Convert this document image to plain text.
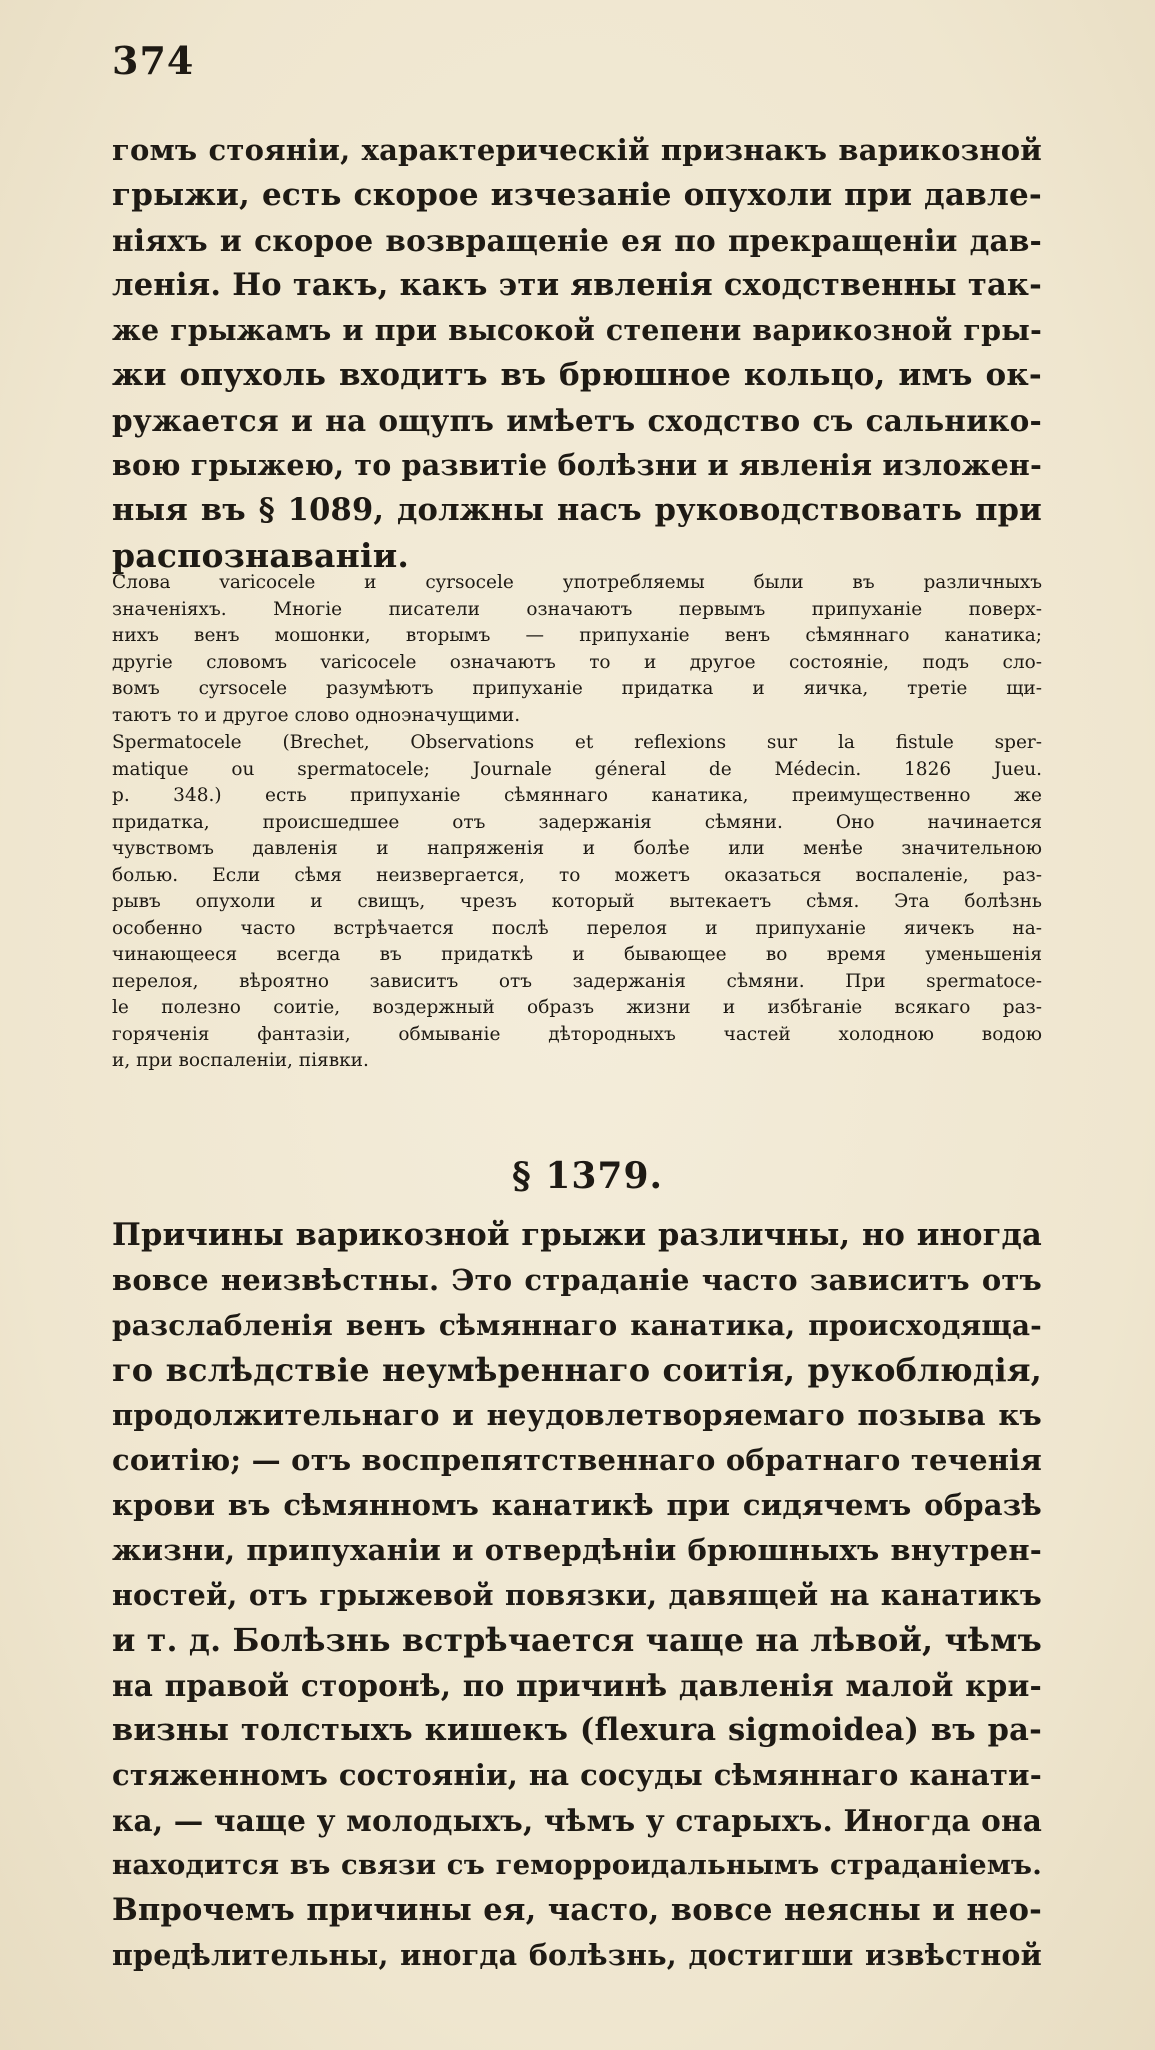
374
гомъ стоянiи, характерическiй признакъ варикозной
грыжи, есть скорое изчезанiе опухоли при давле-
нiяхъ и скорое возвращенiе ея по прекращенiи дав-
ленiя. Но такъ, какъ эти явленiя сходственны так-
же грыжамъ и при высокой степени варикозной гры-
жи опухоль входитъ въ брюшное кольцо, имъ ок-
ружается и на ощупъ имѣетъ сходство съ сальнико-
вою грыжею, то развитiе болѣзни и явленiя изложен-
ныя въ § 1089, должны насъ руководствовать при
распознаванiи.
Слова varicocele и cyrsocele употребляемы были въ различныхъ
значенiяхъ. Многiе писатели означаютъ первымъ припуханiе поверх-
нихъ венъ мошонки, вторымъ — припуханiе венъ сѣмяннаго канатика;
другiе словомъ varicocele означаютъ то и другое состоянiе, подъ сло-
вомъ cyrsocele разумѣютъ припуханiе придатка и яичка, третiе щи-
таютъ то и другое слово одноэначущими.
Spermatocele (Brechet, Observations et reflexions sur la fistule sper-
matique ou spermatocele; Journale géneral de Médecin. 1826 Jueu.
p. 348.) есть припуханiе сѣмяннаго канатика, преимущественно же
придатка, происшедшее отъ задержанiя сѣмяни. Оно начинается
чувствомъ давленiя и напряженiя и болѣе или менѣе значительною
болью. Если сѣмя неизвергается, то можетъ оказаться воспаленiе, раз-
рывъ опухоли и свищъ, чрезъ который вытекаетъ сѣмя. Эта болѣзнь
особенно часто встрѣчается послѣ перелоя и припуханiе яичекъ на-
чинающееся всегда въ придаткѣ и бывающее во время уменьшенiя
перелоя, вѣроятно зависитъ отъ задержанiя сѣмяни. При spermatoce-
le полезно соитiе, воздержный образъ жизни и избѣганiе всякаго раз-
горяченiя фантазiи, обмыванiе дѣтородныхъ частей холодною водою
и, при воспаленiи, пiявки.
§ 1379.
Причины варикозной грыжи различны, но иногда
вовсе неизвѣстны. Это страданiе часто зависитъ отъ
разслабленiя венъ сѣмяннаго канатика, происходяща-
го вслѣдствiе неумѣреннаго соитiя, рукоблюдiя,
продолжительнаго и неудовлетворяемаго позыва къ
соитiю; — отъ воспрепятственнаго обратнаго теченiя
крови въ сѣмянномъ канатикѣ при сидячемъ образѣ
жизни, припуханiи и отвердѣнiи брюшныхъ внутрен-
ностей, отъ грыжевой повязки, давящей на канатикъ
и т. д. Болѣзнь встрѣчается чаще на лѣвой, чѣмъ
на правой сторонѣ, по причинѣ давленiя малой кри-
визны толстыхъ кишекъ (flexura sigmoidea) въ ра-
стяженномъ состоянiи, на сосуды сѣмяннаго канати-
ка, — чаще у молодыхъ, чѣмъ у старыхъ. Иногда она
находится въ связи съ геморроидальнымъ страданiемъ.
Впрочемъ причины ея, часто, вовсе неясны и нео-
предѣлительны, иногда болѣзнь, достигши извѣстной
